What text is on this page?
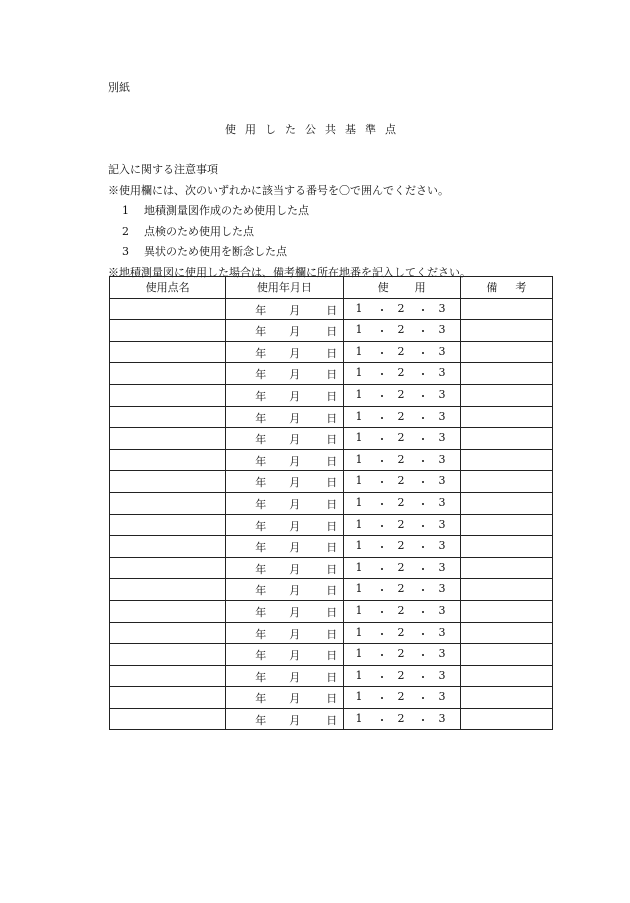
別紙
使用した公共基準点
記入に関する注意事項
※使用欄には、次のいずれかに該当する番号を〇で囲んでください。
1 地積測量図作成のため使用した点
2 点検のため使用した点
3 異状のため使用を断念した点
※地積測量図に使用した場合は、備考欄に所在地番を記入してください。
使用点名	使用年月日	使用	備考

	年 月 日	1 ・ 2 ・ 3	

	年 月 日	1 ・ 2 ・ 3	

	年 月 日	1 ・ 2 ・ 3	

	年 月 日	1 ・ 2 ・ 3	

	年 月 日	1 ・ 2 ・ 3	

	年 月 日	1 ・ 2 ・ 3	

	年 月 日	1 ・ 2 ・ 3	

	年 月 日	1 ・ 2 ・ 3	

	年 月 日	1 ・ 2 ・ 3	

	年 月 日	1 ・ 2 ・ 3	

	年 月 日	1 ・ 2 ・ 3	

	年 月 日	1 ・ 2 ・ 3	

	年 月 日	1 ・ 2 ・ 3	

	年 月 日	1 ・ 2 ・ 3	

	年 月 日	1 ・ 2 ・ 3	

	年 月 日	1 ・ 2 ・ 3	

	年 月 日	1 ・ 2 ・ 3	

	年 月 日	1 ・ 2 ・ 3	

	年 月 日	1 ・ 2 ・ 3	

	年 月 日	1 ・ 2 ・ 3	
